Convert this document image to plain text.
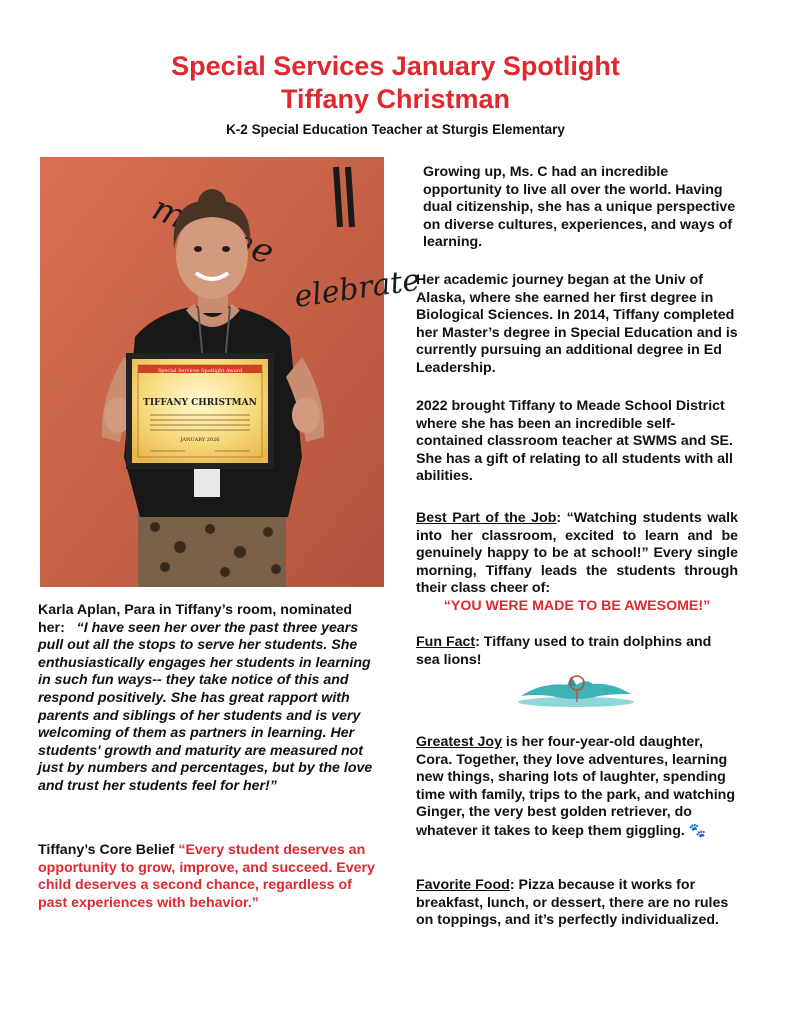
Special Services January Spotlight
Tiffany Christman
K-2 Special Education Teacher at Sturgis Elementary
elebrate
Special Services Spotlight Award
TIFFANY CHRISTMAN
JANUARY 2026
Karla Aplan, Para in Tiffany’s room, nominated her: “I have seen her over the past three years pull out all the stops to serve her students. She enthusiastically engages her students in learning in such fun ways-- they take notice of this and respond positively. She has great rapport with parents and siblings of her students and is very welcoming of them as partners in learning. Her students' growth and maturity are measured not just by numbers and percentages, but by the love and trust her students feel for her!”
Tiffany’s Core Belief “Every student deserves an opportunity to grow, improve, and succeed. Every child deserves a second chance, regardless of past experiences with behavior.”
Growing up, Ms. C had an incredible opportunity to live all over the world. Having dual citizenship, she has a unique perspective on diverse cultures, experiences, and ways of learning.
Her academic journey began at the Univ of Alaska, where she earned her first degree in Biological Sciences. In 2014, Tiffany completed her Master’s degree in Special Education and is currently pursuing an additional degree in Ed Leadership.
2022 brought Tiffany to Meade School District where she has been an incredible self-contained classroom teacher at SWMS and SE. She has a gift of relating to all students with all abilities.
Best Part of the Job: “Watching students walk into her classroom, excited to learn and be genuinely happy to be at school!” Every single morning, Tiffany leads the students through their class cheer of:
“YOU WERE MADE TO BE AWESOME!”
Fun Fact: Tiffany used to train dolphins and sea lions!
Greatest Joy is her four-year-old daughter, Cora. Together, they love adventures, learning new things, sharing lots of laughter, spending time with family, trips to the park, and watching Ginger, the very best golden retriever, do whatever it takes to keep them giggling. 🐾
Favorite Food: Pizza because it works for breakfast, lunch, or dessert, there are no rules on toppings, and it’s perfectly individualized.
